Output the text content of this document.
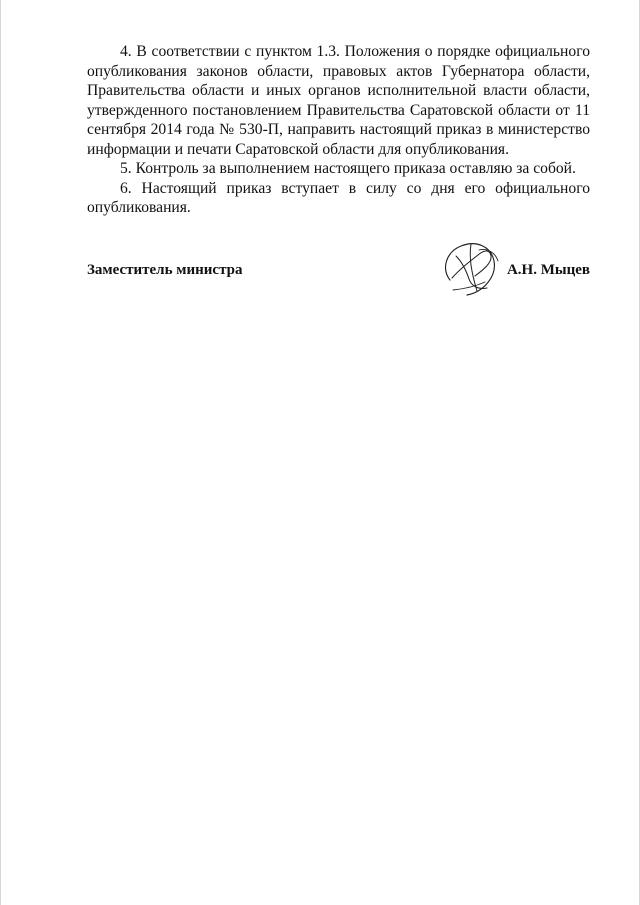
4. В соответствии с пунктом 1.3. Положения о порядке официального опубликования законов области, правовых актов Губернатора области, Правительства области и иных органов исполнительной власти области, утвержденного постановлением Правительства Саратовской области от 11 сентября 2014 года № 530-П, направить настоящий приказ в министерство информации и печати Саратовской области для опубликования.

5. Контроль за выполнением настоящего приказа оставляю за собой.

6. Настоящий приказ вступает в силу со дня его официального опубликования.

Заместитель министра	А.Н. Мыцев
